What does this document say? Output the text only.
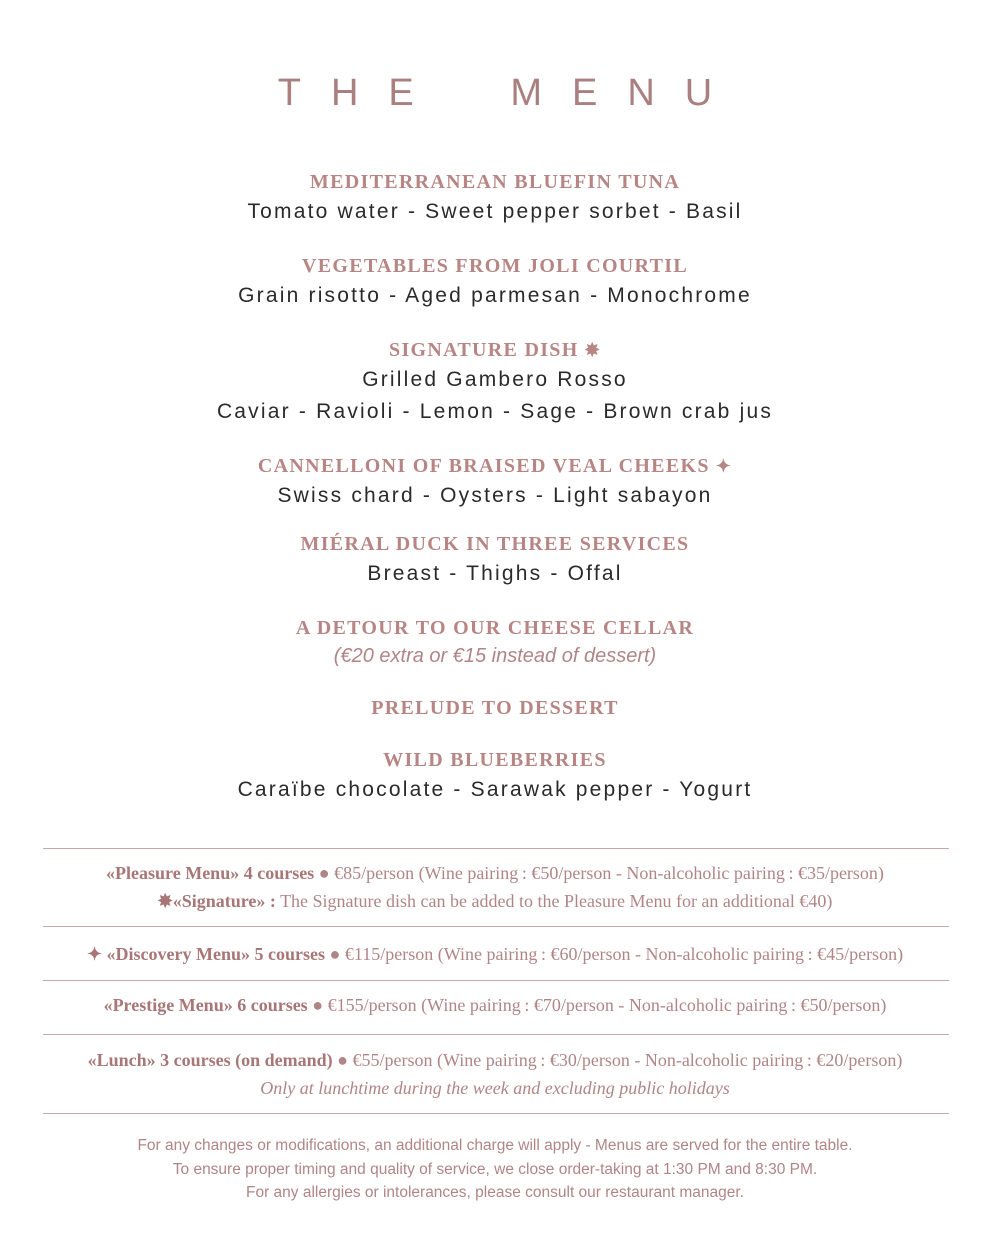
THE MENU
MEDITERRANEAN BLUEFIN TUNA
Tomato water - Sweet pepper sorbet - Basil
VEGETABLES FROM JOLI COURTIL
Grain risotto - Aged parmesan - Monochrome
SIGNATURE DISH ✸
Grilled Gambero Rosso
Caviar - Ravioli - Lemon - Sage - Brown crab jus
CANNELLONI OF BRAISED VEAL CHEEKS ✦
Swiss chard - Oysters - Light sabayon
MIÉRAL DUCK IN THREE SERVICES
Breast - Thighs - Offal
A DETOUR TO OUR CHEESE CELLAR
(€20 extra or €15 instead of dessert)
PRELUDE TO DESSERT
WILD BLUEBERRIES
Caraïbe chocolate - Sarawak pepper - Yogurt
«Pleasure Menu» 4 courses ● €85/person (Wine pairing : €50/person - Non-alcoholic pairing : €35/person)
✸«Signature» : The Signature dish can be added to the Pleasure Menu for an additional €40)
✦ «Discovery Menu» 5 courses ● €115/person (Wine pairing : €60/person - Non-alcoholic pairing : €45/person)
«Prestige Menu» 6 courses ● €155/person (Wine pairing : €70/person - Non-alcoholic pairing : €50/person)
«Lunch» 3 courses (on demand) ● €55/person (Wine pairing : €30/person - Non-alcoholic pairing : €20/person)
Only at lunchtime during the week and excluding public holidays
For any changes or modifications, an additional charge will apply - Menus are served for the entire table.
To ensure proper timing and quality of service, we close order-taking at 1:30 PM and 8:30 PM.
For any allergies or intolerances, please consult our restaurant manager.
